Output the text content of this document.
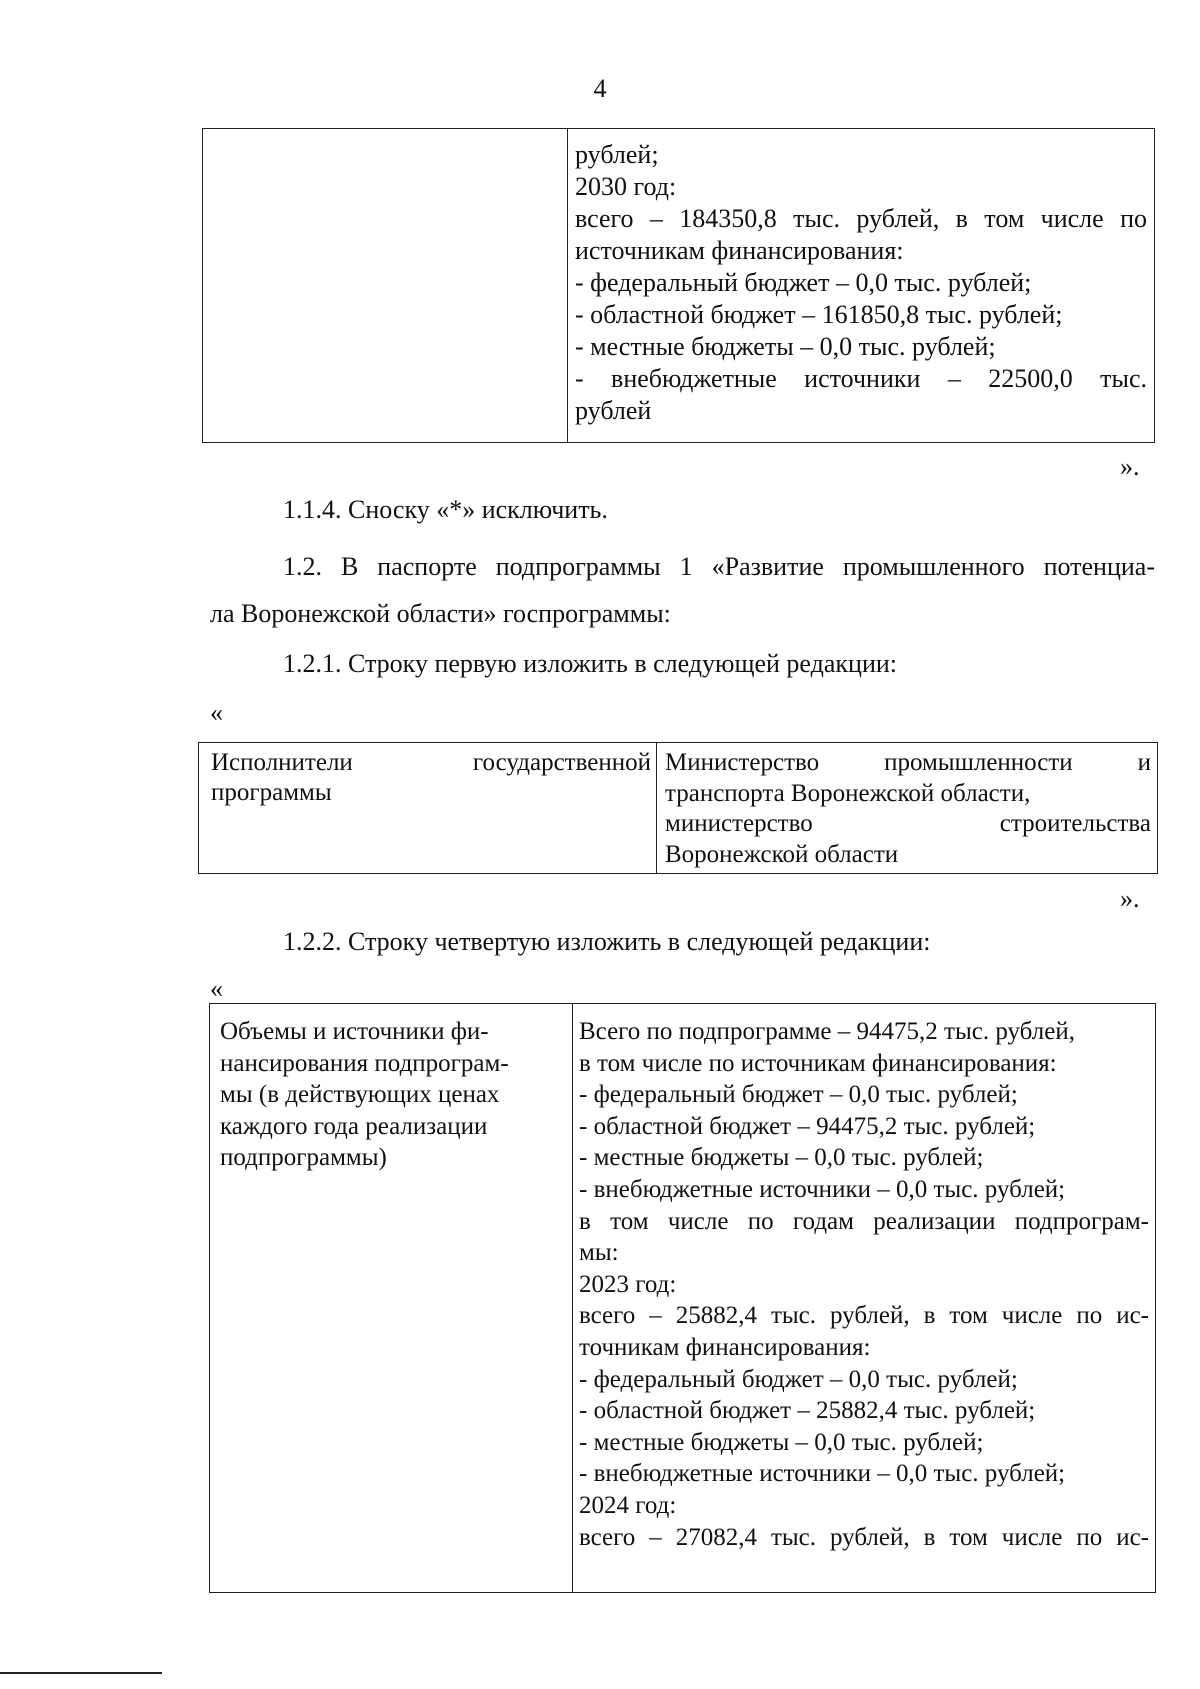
4
рублей;
2030 год:
всего – 184350,8 тыс. рублей, в том числе по
источникам финансирования:
- федеральный бюджет – 0,0 тыс. рублей;
- областной бюджет – 161850,8 тыс. рублей;
- местные бюджеты – 0,0 тыс. рублей;
- внебюджетные источники – 22500,0 тыс.
рублей
».
1.1.4. Сноску «*» исключить.
1.2. В паспорте подпрограммы 1 «Развитие промышленного потенциа-
ла Воронежской области» госпрограммы:
1.2.1. Строку первую изложить в следующей редакции:
«
Исполнители государственной
программы
Министерство промышленности и
транспорта Воронежской области,
министерство строительства
Воронежской области
».
1.2.2. Строку четвертую изложить в следующей редакции:
«
Объемы и источники фи-
нансирования подпрограм-
мы (в действующих ценах
каждого года реализации
подпрограммы)
Всего по подпрограмме – 94475,2 тыс. рублей,
в том числе по источникам финансирования:
- федеральный бюджет – 0,0 тыс. рублей;
- областной бюджет – 94475,2 тыс. рублей;
- местные бюджеты – 0,0 тыс. рублей;
- внебюджетные источники – 0,0 тыс. рублей;
в том числе по годам реализации подпрограм-
мы:
2023 год:
всего – 25882,4 тыс. рублей, в том числе по ис-
точникам финансирования:
- федеральный бюджет – 0,0 тыс. рублей;
- областной бюджет – 25882,4 тыс. рублей;
- местные бюджеты – 0,0 тыс. рублей;
- внебюджетные источники – 0,0 тыс. рублей;
2024 год:
всего – 27082,4 тыс. рублей, в том числе по ис-
